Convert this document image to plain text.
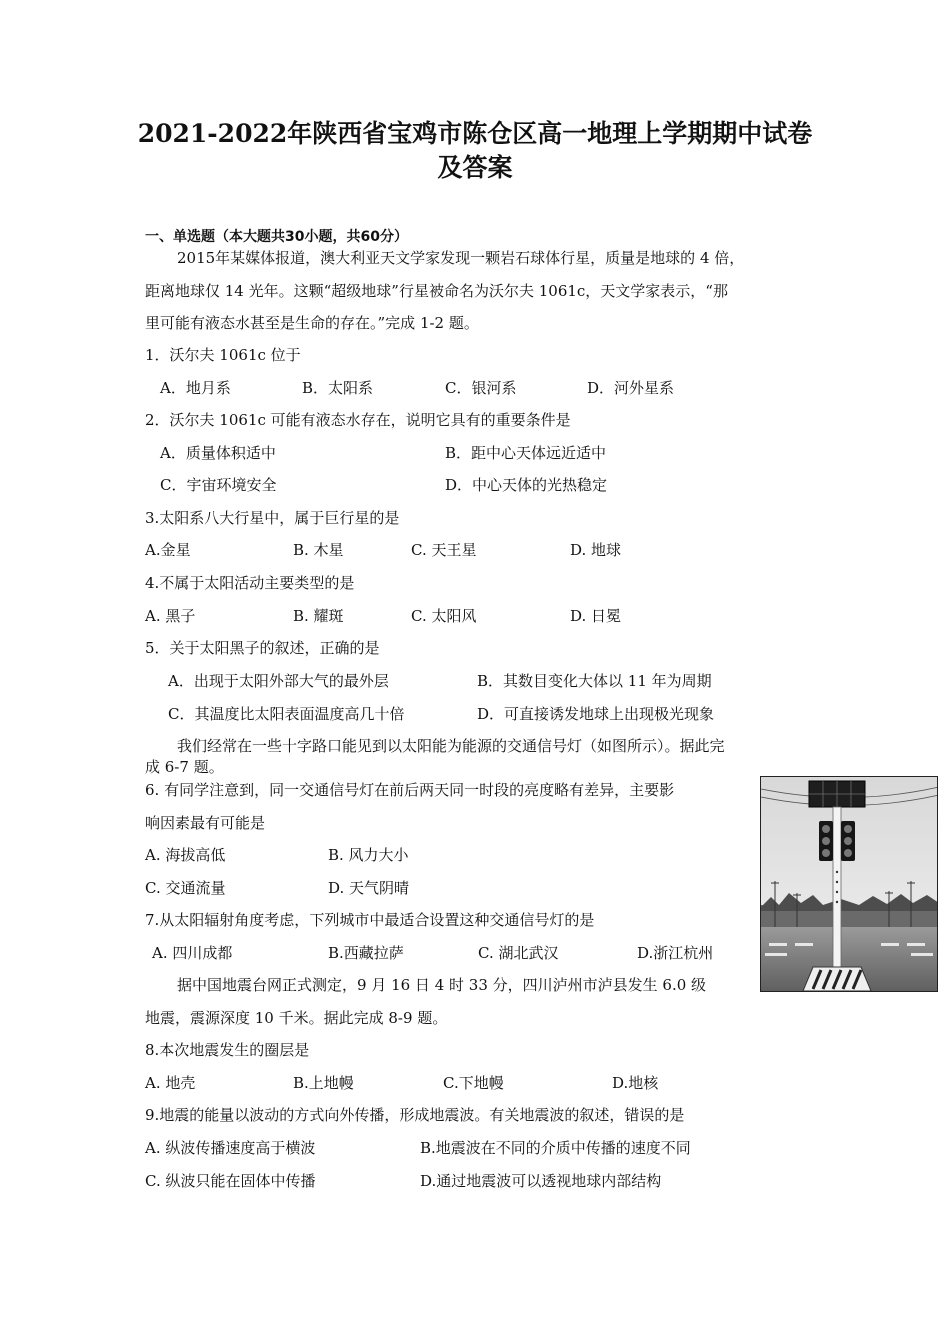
2021-2022年陕西省宝鸡市陈仓区高一地理上学期期中试卷
及答案
一、单选题（本大题共30小题，共60分）
2015年某媒体报道，澳大利亚天文学家发现一颗岩石球体行星，质量是地球的 4 倍，
距离地球仅 14 光年。这颗“超级地球”行星被命名为沃尔夫 1061c，天文学家表示，“那
里可能有液态水甚至是生命的存在。”完成 1-2 题。
1．沃尔夫 1061c 位于
A．地月系	B．太阳系	C．银河系	D．河外星系
2．沃尔夫 1061c 可能有液态水存在，说明它具有的重要条件是
A．质量体积适中	B．距中心天体远近适中
C．宇宙环境安全	D．中心天体的光热稳定
3.太阳系八大行星中，属于巨行星的是
A.金星	B. 木星	C. 天王星	D. 地球
4.不属于太阳活动主要类型的是
A. 黑子	B. 耀斑	C. 太阳风	D. 日冕
5．关于太阳黑子的叙述，正确的是
A．出现于太阳外部大气的最外层	B．其数目变化大体以 11 年为周期
C．其温度比太阳表面温度高几十倍	D．可直接诱发地球上出现极光现象
我们经常在一些十字路口能见到以太阳能为能源的交通信号灯（如图所示）。据此完
成 6-7 题。
6. 有同学注意到，同一交通信号灯在前后两天同一时段的亮度略有差异，主要影
响因素最有可能是
A. 海拔高低	B. 风力大小
C. 交通流量	D. 天气阴晴
7.从太阳辐射角度考虑，下列城市中最适合设置这种交通信号灯的是
A. 四川成都	B.西藏拉萨	C. 湖北武汉	D.浙江杭州
据中国地震台网正式测定，9 月 16 日 4 时 33 分，四川泸州市泸县发生 6.0 级
地震，震源深度 10 千米。据此完成 8-9 题。
8.本次地震发生的圈层是
A. 地壳	B.上地幔	C.下地幔	D.地核
9.地震的能量以波动的方式向外传播，形成地震波。有关地震波的叙述，错误的是
A. 纵波传播速度高于横波	B.地震波在不同的介质中传播的速度不同
C. 纵波只能在固体中传播	D.通过地震波可以透视地球内部结构
